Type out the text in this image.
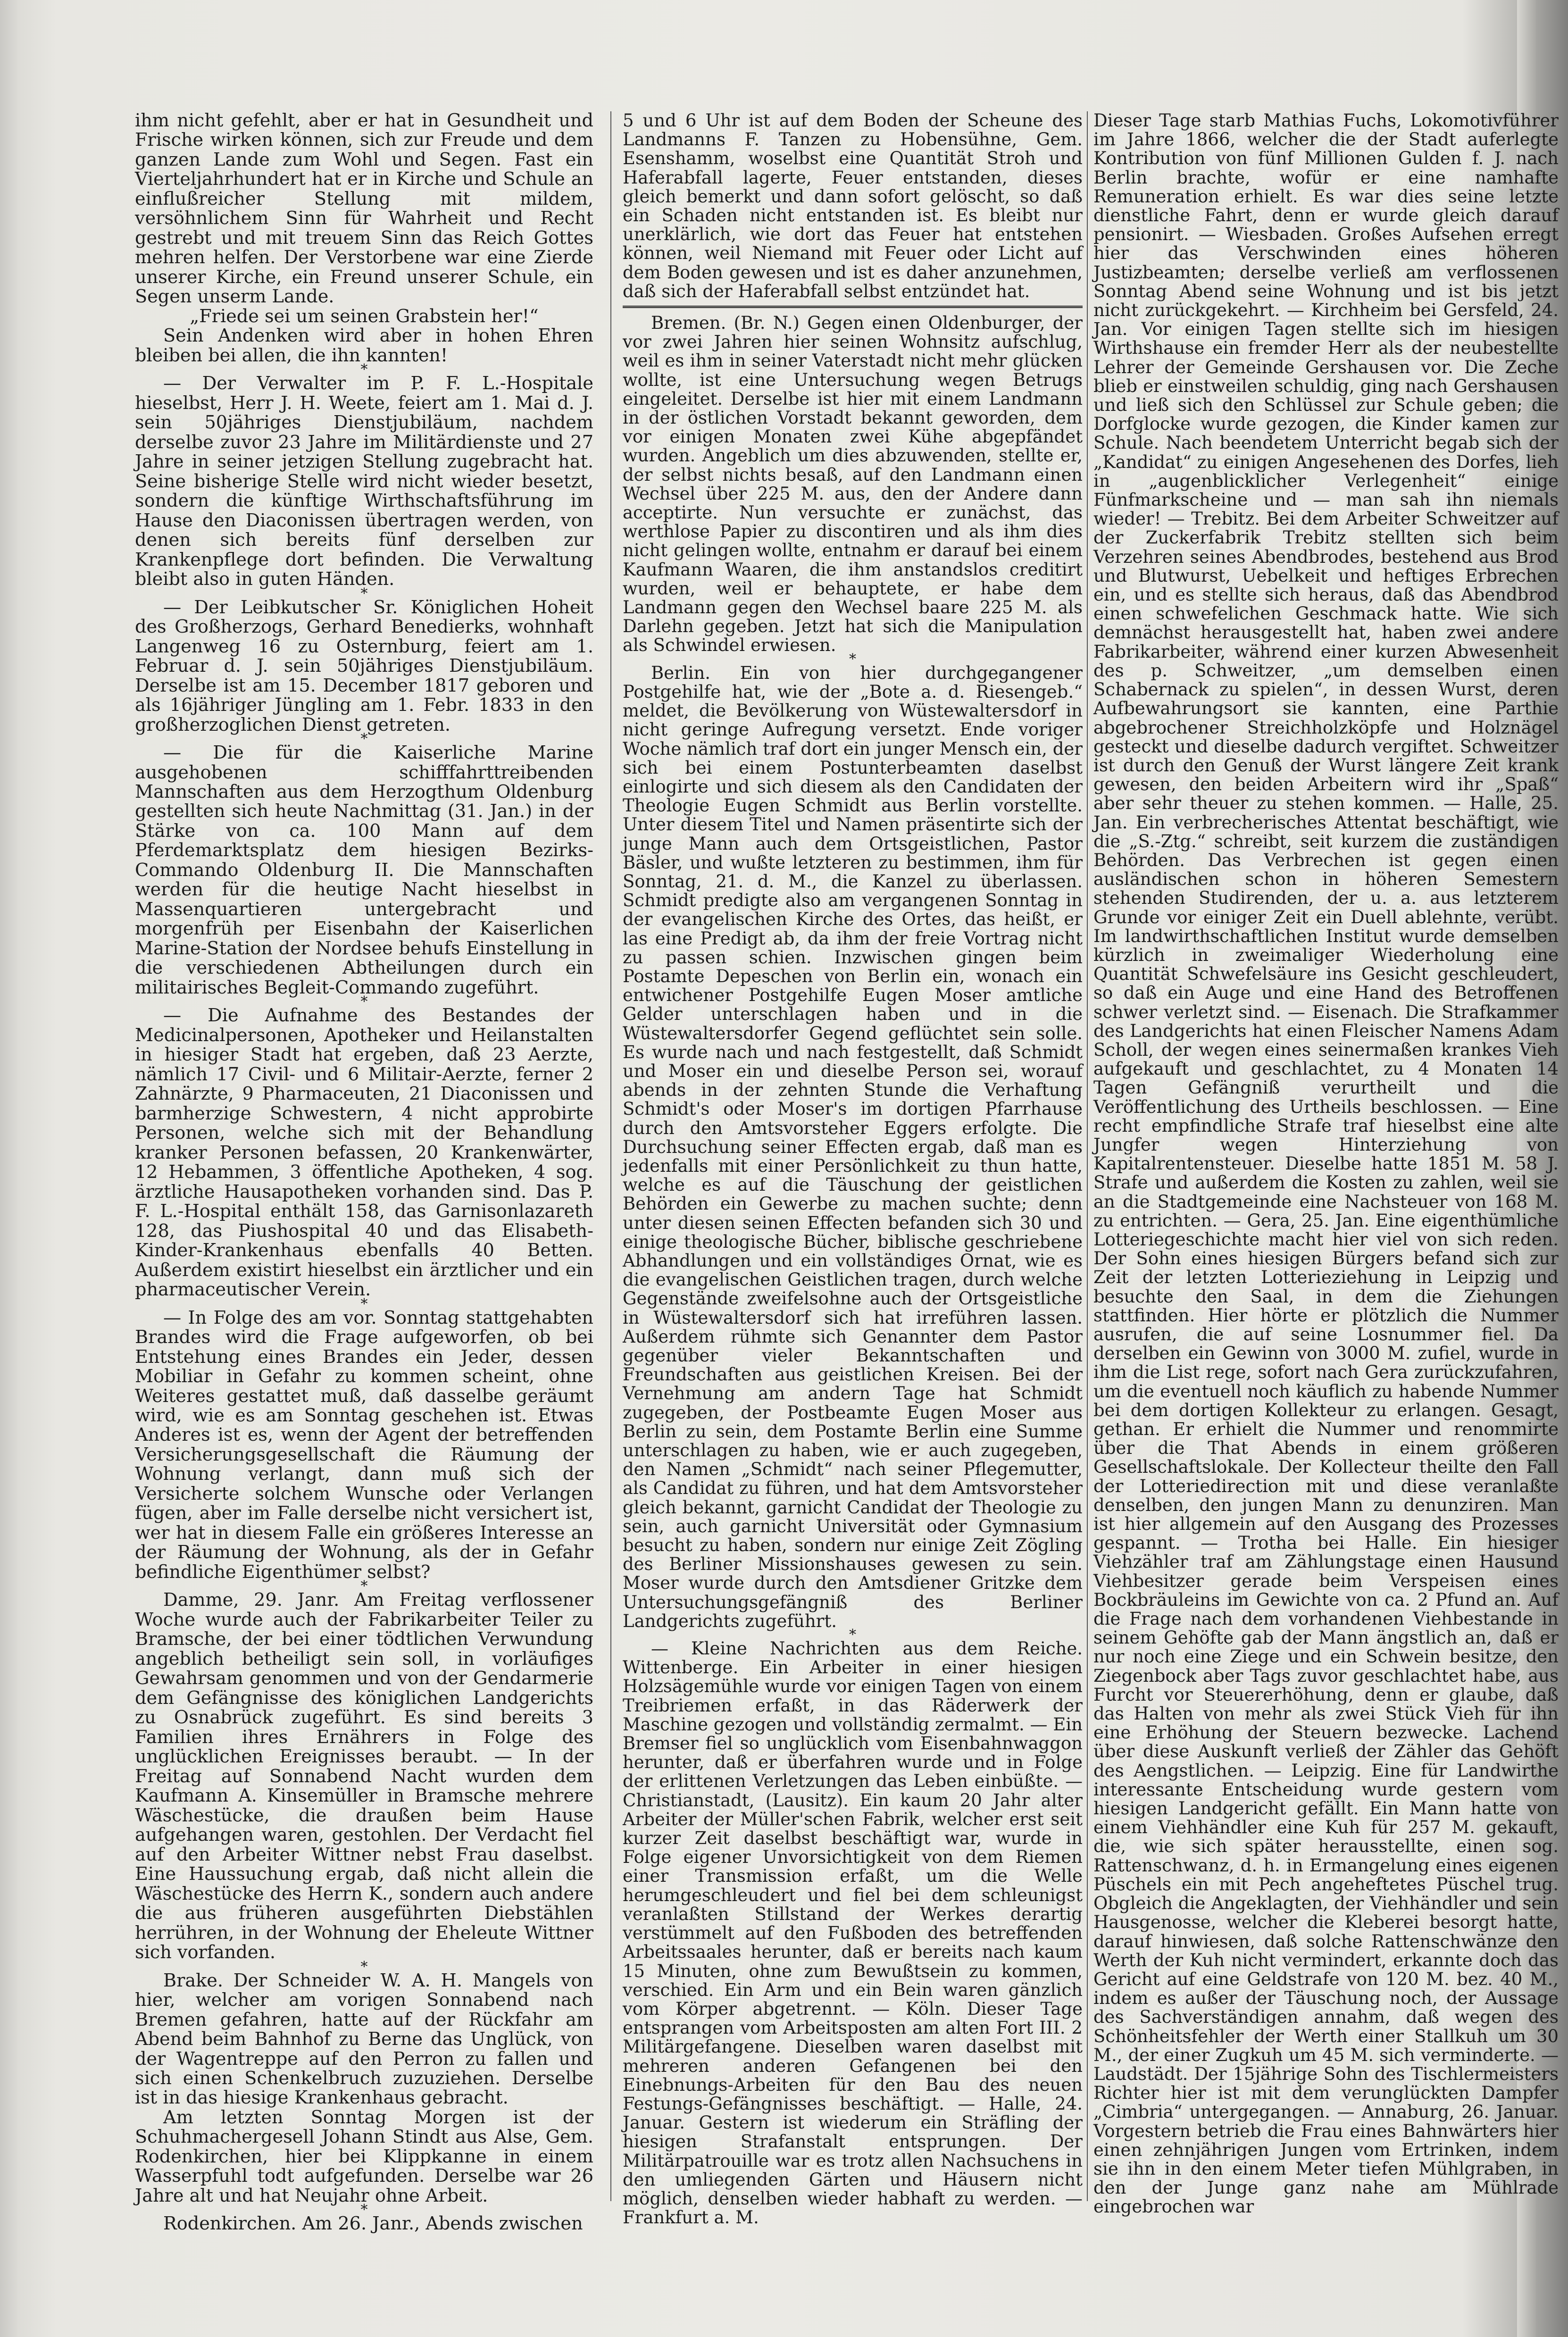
ihm nicht gefehlt, aber er hat in Gesundheit und Frische wirken können, sich zur Freude und dem ganzen Lande zum Wohl und Segen. Fast ein Vierteljahrhundert hat er in Kirche und Schule an einflußreicher Stellung mit mildem, versöhnlichem Sinn für Wahrheit und Recht gestrebt und mit treuem Sinn das Reich Gottes mehren helfen. Der Verstorbene war eine Zierde unserer Kirche, ein Freund unserer Schule, ein Segen unserm Lande.

„Friede sei um seinen Grabstein her!“

Sein Andenken wird aber in hohen Ehren bleiben bei allen, die ihn kannten!

*

— Der Verwalter im P. F. L.-Hospitale hieselbst, Herr J. H. Weete, feiert am 1. Mai d. J. sein 50jähriges Dienstjubiläum, nachdem derselbe zuvor 23 Jahre im Militärdienste und 27 Jahre in seiner jetzigen Stellung zugebracht hat. Seine bisherige Stelle wird nicht wieder besetzt, sondern die künftige Wirthschaftsführung im Hause den Diaconissen übertragen werden, von denen sich bereits fünf derselben zur Krankenpflege dort befinden. Die Verwaltung bleibt also in guten Händen.

*

— Der Leibkutscher Sr. Königlichen Hoheit des Großherzogs, Gerhard Benedierks, wohnhaft Langenweg 16 zu Osternburg, feiert am 1. Februar d. J. sein 50jähriges Dienstjubiläum. Derselbe ist am 15. December 1817 geboren und als 16jähriger Jüngling am 1. Febr. 1833 in den großherzoglichen Dienst getreten.

*

— Die für die Kaiserliche Marine ausgehobenen schifffahrttreibenden Mannschaften aus dem Herzogthum Oldenburg gestellten sich heute Nachmittag (31. Jan.) in der Stärke von ca. 100 Mann auf dem Pferdemarktsplatz dem hiesigen Bezirks-Commando Oldenburg II. Die Mannschaften werden für die heutige Nacht hieselbst in Massenquartieren untergebracht und morgenfrüh per Eisenbahn der Kaiserlichen Marine-Station der Nordsee behufs Einstellung in die verschiedenen Abtheilungen durch ein militairisches Begleit-Commando zugeführt.

*

— Die Aufnahme des Bestandes der Medicinalpersonen, Apotheker und Heilanstalten in hiesiger Stadt hat ergeben, daß 23 Aerzte, nämlich 17 Civil- und 6 Militair-Aerzte, ferner 2 Zahnärzte, 9 Pharmaceuten, 21 Diaconissen und barmherzige Schwestern, 4 nicht approbirte Personen, welche sich mit der Behandlung kranker Personen befassen, 20 Krankenwärter, 12 Hebammen, 3 öffentliche Apotheken, 4 sog. ärztliche Hausapotheken vorhanden sind. Das P. F. L.-Hospital enthält 158, das Garnisonlazareth 128, das Piushospital 40 und das Elisabeth-Kinder-Krankenhaus ebenfalls 40 Betten. Außerdem existirt hieselbst ein ärztlicher und ein pharmaceutischer Verein.

*

— In Folge des am vor. Sonntag stattgehabten Brandes wird die Frage aufgeworfen, ob bei Entstehung eines Brandes ein Jeder, dessen Mobiliar in Gefahr zu kommen scheint, ohne Weiteres gestattet muß, daß dasselbe geräumt wird, wie es am Sonntag geschehen ist. Etwas Anderes ist es, wenn der Agent der betreffenden Versicherungsgesellschaft die Räumung der Wohnung verlangt, dann muß sich der Versicherte solchem Wunsche oder Verlangen fügen, aber im Falle derselbe nicht versichert ist, wer hat in diesem Falle ein größeres Interesse an der Räumung der Wohnung, als der in Gefahr befindliche Eigenthümer selbst?

*

Damme, 29. Janr. Am Freitag verflossener Woche wurde auch der Fabrikarbeiter Teiler zu Bramsche, der bei einer tödtlichen Verwundung angeblich betheiligt sein soll, in vorläufiges Gewahrsam genommen und von der Gendarmerie dem Gefängnisse des königlichen Landgerichts zu Osnabrück zugeführt. Es sind bereits 3 Familien ihres Ernährers in Folge des unglücklichen Ereignisses beraubt. — In der Freitag auf Sonnabend Nacht wurden dem Kaufmann A. Kinsemüller in Bramsche mehrere Wäschestücke, die draußen beim Hause aufgehangen waren, gestohlen. Der Verdacht fiel auf den Arbeiter Wittner nebst Frau daselbst. Eine Haussuchung ergab, daß nicht allein die Wäschestücke des Herrn K., sondern auch andere die aus früheren ausgeführten Diebstählen herrühren, in der Wohnung der Eheleute Wittner sich vorfanden.

*

Brake. Der Schneider W. A. H. Mangels von hier, welcher am vorigen Sonnabend nach Bremen gefahren, hatte auf der Rückfahr am Abend beim Bahnhof zu Berne das Unglück, von der Wagentreppe auf den Perron zu fallen und sich einen Schenkelbruch zuzuziehen. Derselbe ist in das hiesige Krankenhaus gebracht.

Am letzten Sonntag Morgen ist der Schuhmachergesell Johann Stindt aus Alse, Gem. Rodenkirchen, hier bei Klippkanne in einem Wasserpfuhl todt aufgefunden. Derselbe war 26 Jahre alt und hat Neujahr ohne Arbeit.

*

Rodenkirchen. Am 26. Janr., Abends zwischen

5 und 6 Uhr ist auf dem Boden der Scheune des Landmanns F. Tanzen zu Hobensühne, Gem. Esenshamm, woselbst eine Quantität Stroh und Haferabfall lagerte, Feuer entstanden, dieses gleich bemerkt und dann sofort gelöscht, so daß ein Schaden nicht entstanden ist. Es bleibt nur unerklärlich, wie dort das Feuer hat entstehen können, weil Niemand mit Feuer oder Licht auf dem Boden gewesen und ist es daher anzunehmen, daß sich der Haferabfall selbst entzündet hat.

Bremen. (Br. N.) Gegen einen Oldenburger, der vor zwei Jahren hier seinen Wohnsitz aufschlug, weil es ihm in seiner Vaterstadt nicht mehr glücken wollte, ist eine Untersuchung wegen Betrugs eingeleitet. Derselbe ist hier mit einem Landmann in der östlichen Vorstadt bekannt geworden, dem vor einigen Monaten zwei Kühe abgepfändet wurden. Angeblich um dies abzuwenden, stellte er, der selbst nichts besaß, auf den Landmann einen Wechsel über 225 M. aus, den der Andere dann acceptirte. Nun versuchte er zunächst, das werthlose Papier zu discontiren und als ihm dies nicht gelingen wollte, entnahm er darauf bei einem Kaufmann Waaren, die ihm anstandslos creditirt wurden, weil er behauptete, er habe dem Landmann gegen den Wechsel baare 225 M. als Darlehn gegeben. Jetzt hat sich die Manipulation als Schwindel erwiesen.

*

Berlin. Ein von hier durchgegangener Postgehilfe hat, wie der „Bote a. d. Riesengeb.“ meldet, die Bevölkerung von Wüstewaltersdorf in nicht geringe Aufregung versetzt. Ende voriger Woche nämlich traf dort ein junger Mensch ein, der sich bei einem Postunterbeamten daselbst einlogirte und sich diesem als den Candidaten der Theologie Eugen Schmidt aus Berlin vorstellte. Unter diesem Titel und Namen präsentirte sich der junge Mann auch dem Ortsgeistlichen, Pastor Bäsler, und wußte letzteren zu bestimmen, ihm für Sonntag, 21. d. M., die Kanzel zu überlassen. Schmidt predigte also am vergangenen Sonntag in der evangelischen Kirche des Ortes, das heißt, er las eine Predigt ab, da ihm der freie Vortrag nicht zu passen schien. Inzwischen gingen beim Postamte Depeschen von Berlin ein, wonach ein entwichener Postgehilfe Eugen Moser amtliche Gelder unterschlagen haben und in die Wüstewaltersdorfer Gegend geflüchtet sein solle. Es wurde nach und nach festgestellt, daß Schmidt und Moser ein und dieselbe Person sei, worauf abends in der zehnten Stunde die Verhaftung Schmidt's oder Moser's im dortigen Pfarrhause durch den Amtsvorsteher Eggers erfolgte. Die Durchsuchung seiner Effecten ergab, daß man es jedenfalls mit einer Persönlichkeit zu thun hatte, welche es auf die Täuschung der geistlichen Behörden ein Gewerbe zu machen suchte; denn unter diesen seinen Effecten befanden sich 30 und einige theologische Bücher, biblische geschriebene Abhandlungen und ein vollständiges Ornat, wie es die evangelischen Geistlichen tragen, durch welche Gegenstände zweifelsohne auch der Ortsgeistliche in Wüstewaltersdorf sich hat irreführen lassen. Außerdem rühmte sich Genannter dem Pastor gegenüber vieler Bekanntschaften und Freundschaften aus geistlichen Kreisen. Bei der Vernehmung am andern Tage hat Schmidt zugegeben, der Postbeamte Eugen Moser aus Berlin zu sein, dem Postamte Berlin eine Summe unterschlagen zu haben, wie er auch zugegeben, den Namen „Schmidt“ nach seiner Pflegemutter, als Candidat zu führen, und hat dem Amtsvorsteher gleich bekannt, garnicht Candidat der Theologie zu sein, auch garnicht Universität oder Gymnasium besucht zu haben, sondern nur einige Zeit Zögling des Berliner Missionshauses gewesen zu sein. Moser wurde durch den Amtsdiener Gritzke dem Untersuchungsgefängniß des Berliner Landgerichts zugeführt.

*

— Kleine Nachrichten aus dem Reiche. Wittenberge. Ein Arbeiter in einer hiesigen Holzsägemühle wurde vor einigen Tagen von einem Treibriemen erfaßt, in das Räderwerk der Maschine gezogen und vollständig zermalmt. — Ein Bremser fiel so unglücklich vom Eisenbahnwaggon herunter, daß er überfahren wurde und in Folge der erlittenen Verletzungen das Leben einbüßte. — Christianstadt, (Lausitz). Ein kaum 20 Jahr alter Arbeiter der Müller'schen Fabrik, welcher erst seit kurzer Zeit daselbst beschäftigt war, wurde in Folge eigener Unvorsichtigkeit von dem Riemen einer Transmission erfaßt, um die Welle herumgeschleudert und fiel bei dem schleunigst veranlaßten Stillstand der Werkes derartig verstümmelt auf den Fußboden des betreffenden Arbeitssaales herunter, daß er bereits nach kaum 15 Minuten, ohne zum Bewußtsein zu kommen, verschied. Ein Arm und ein Bein waren gänzlich vom Körper abgetrennt. — Köln. Dieser Tage entsprangen vom Arbeitsposten am alten Fort III. 2 Militärgefangene. Dieselben waren daselbst mit mehreren anderen Gefangenen bei den Einebnungs-Arbeiten für den Bau des neuen Festungs-Gefängnisses beschäftigt. — Halle, 24. Januar. Gestern ist wiederum ein Sträfling der hiesigen Strafanstalt entsprungen. Der Militärpatrouille war es trotz allen Nachsuchens in den umliegenden Gärten und Häusern nicht möglich, denselben wieder habhaft zu werden. — Frankfurt a. M.

Dieser Tage starb Mathias Fuchs, Lokomotivführer im Jahre 1866, welcher die der Stadt auferlegte Kontribution von fünf Millionen Gulden f. J. nach Berlin brachte, wofür er eine namhafte Remuneration erhielt. Es war dies seine letzte dienstliche Fahrt, denn er wurde gleich darauf pensionirt. — Wiesbaden. Großes Aufsehen erregt hier das Verschwinden eines höheren Justizbeamten; derselbe verließ am verflossenen Sonntag Abend seine Wohnung und ist bis jetzt nicht zurückgekehrt. — Kirchheim bei Gersfeld, 24. Jan. Vor einigen Tagen stellte sich im hiesigen Wirthshause ein fremder Herr als der neubestellte Lehrer der Gemeinde Gershausen vor. Die Zeche blieb er einstweilen schuldig, ging nach Gershausen und ließ sich den Schlüssel zur Schule geben; die Dorfglocke wurde gezogen, die Kinder kamen zur Schule. Nach beendetem Unterricht begab sich der „Kandidat“ zu einigen Angesehenen des Dorfes, lieh in „augenblicklicher Verlegenheit“ einige Fünfmarkscheine und — man sah ihn niemals wieder! — Trebitz. Bei dem Arbeiter Schweitzer auf der Zuckerfabrik Trebitz stellten sich beim Verzehren seines Abendbrodes, bestehend aus Brod und Blutwurst, Uebelkeit und heftiges Erbrechen ein, und es stellte sich heraus, daß das Abendbrod einen schwefelichen Geschmack hatte. Wie sich demnächst herausgestellt hat, haben zwei andere Fabrikarbeiter, während einer kurzen Abwesenheit des p. Schweitzer, „um demselben einen Schabernack zu spielen“, in dessen Wurst, deren Aufbewahrungsort sie kannten, eine Parthie abgebrochener Streichholzköpfe und Holznägel gesteckt und dieselbe dadurch vergiftet. Schweitzer ist durch den Genuß der Wurst längere Zeit krank gewesen, den beiden Arbeitern wird ihr „Spaß“ aber sehr theuer zu stehen kommen. — Halle, 25. Jan. Ein verbrecherisches Attentat beschäftigt, wie die „S.-Ztg.“ schreibt, seit kurzem die zuständigen Behörden. Das Verbrechen ist gegen einen ausländischen schon in höheren Semestern stehenden Studirenden, der u. a. aus letzterem Grunde vor einiger Zeit ein Duell ablehnte, verübt. Im landwirthschaftlichen Institut wurde demselben kürzlich in zweimaliger Wiederholung eine Quantität Schwefelsäure ins Gesicht geschleudert, so daß ein Auge und eine Hand des Betroffenen schwer verletzt sind. — Eisenach. Die Strafkammer des Landgerichts hat einen Fleischer Namens Adam Scholl, der wegen eines seinermaßen krankes Vieh aufgekauft und geschlachtet, zu 4 Monaten 14 Tagen Gefängniß verurtheilt und die Veröffentlichung des Urtheils beschlossen. — Eine recht empfindliche Strafe traf hieselbst eine alte Jungfer wegen Hinterziehung von Kapitalrentensteuer. Dieselbe hatte 1851 M. 58 J. Strafe und außerdem die Kosten zu zahlen, weil sie an die Stadtgemeinde eine Nachsteuer von 168 M. zu entrichten. — Gera, 25. Jan. Eine eigenthümliche Lotteriegeschichte macht hier viel von sich reden. Der Sohn eines hiesigen Bürgers befand sich zur Zeit der letzten Lotterieziehung in Leipzig und besuchte den Saal, in dem die Ziehungen stattfinden. Hier hörte er plötzlich die Nummer ausrufen, die auf seine Losnummer fiel. Da derselben ein Gewinn von 3000 M. zufiel, wurde in ihm die List rege, sofort nach Gera zurückzufahren, um die eventuell noch käuflich zu habende Nummer bei dem dortigen Kollekteur zu erlangen. Gesagt, gethan. Er erhielt die Nummer und renommirte über die That Abends in einem größeren Gesellschaftslokale. Der Kollecteur theilte den Fall der Lotteriedirection mit und diese veranlaßte denselben, den jungen Mann zu denunziren. Man ist hier allgemein auf den Ausgang des Prozesses gespannt. — Trotha bei Halle. Ein hiesiger Viehzähler traf am Zählungstage einen Hausund Viehbesitzer gerade beim Verspeisen eines Bockbräuleins im Gewichte von ca. 2 Pfund an. Auf die Frage nach dem vorhandenen Viehbestande in seinem Gehöfte gab der Mann ängstlich an, daß er nur noch eine Ziege und ein Schwein besitze, den Ziegenbock aber Tags zuvor geschlachtet habe, aus Furcht vor Steuererhöhung, denn er glaube, daß das Halten von mehr als zwei Stück Vieh für ihn eine Erhöhung der Steuern bezwecke. Lachend über diese Auskunft verließ der Zähler das Gehöft des Aengstlichen. — Leipzig. Eine für Landwirthe interessante Entscheidung wurde gestern vom hiesigen Landgericht gefällt. Ein Mann hatte von einem Viehhändler eine Kuh für 257 M. gekauft, die, wie sich später herausstellte, einen sog. Rattenschwanz, d. h. in Ermangelung eines eigenen Püschels ein mit Pech angeheftetes Püschel trug. Obgleich die Angeklagten, der Viehhändler und sein Hausgenosse, welcher die Kleberei besorgt hatte, darauf hinwiesen, daß solche Rattenschwänze den Werth der Kuh nicht vermindert, erkannte doch das Gericht auf eine Geldstrafe von 120 M. bez. 40 M., indem es außer der Täuschung noch, der Aussage des Sachverständigen annahm, daß wegen des Schönheitsfehler der Werth einer Stallkuh um 30 M., der einer Zugkuh um 45 M. sich verminderte. — Laudstädt. Der 15jährige Sohn des Tischlermeisters Richter hier ist mit dem verunglückten Dampfer „Cimbria“ untergegangen. — Annaburg, 26. Januar. Vorgestern betrieb die Frau eines Bahnwärters hier einen zehnjährigen Jungen vom Ertrinken, indem sie ihn in den einem Meter tiefen Mühlgraben, in den der Junge ganz nahe am Mühlrade eingebrochen war
